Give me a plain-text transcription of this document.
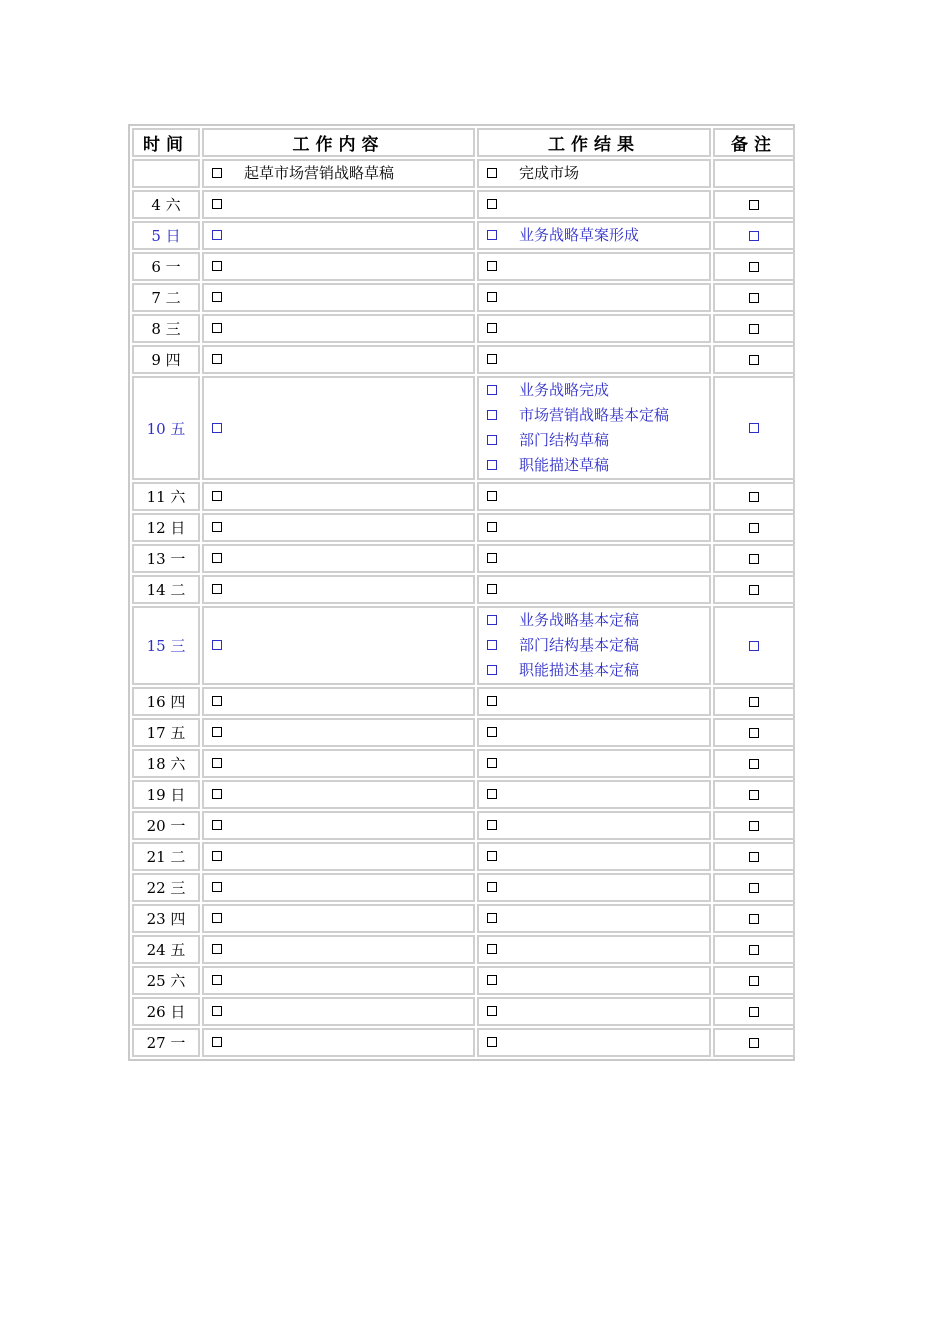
时间	工作内容	工作结果	备注

	起草市场营销战略草稿	完成市场	

4 六	

5 日		业务战略草案形成	

6 一	

7 二	

8 三	

9 四	

10 五		业务战略完成
市场营销战略基本定稿
部门结构草稿
职能描述草稿	

11 六	

12 日	

13 一	

14 二	

15 三		业务战略基本定稿
部门结构基本定稿
职能描述基本定稿	

16 四	

17 五	

18 六	

19 日	

20 一	

21 二	

22 三	

23 四	

24 五	

25 六	

26 日	

27 一	
